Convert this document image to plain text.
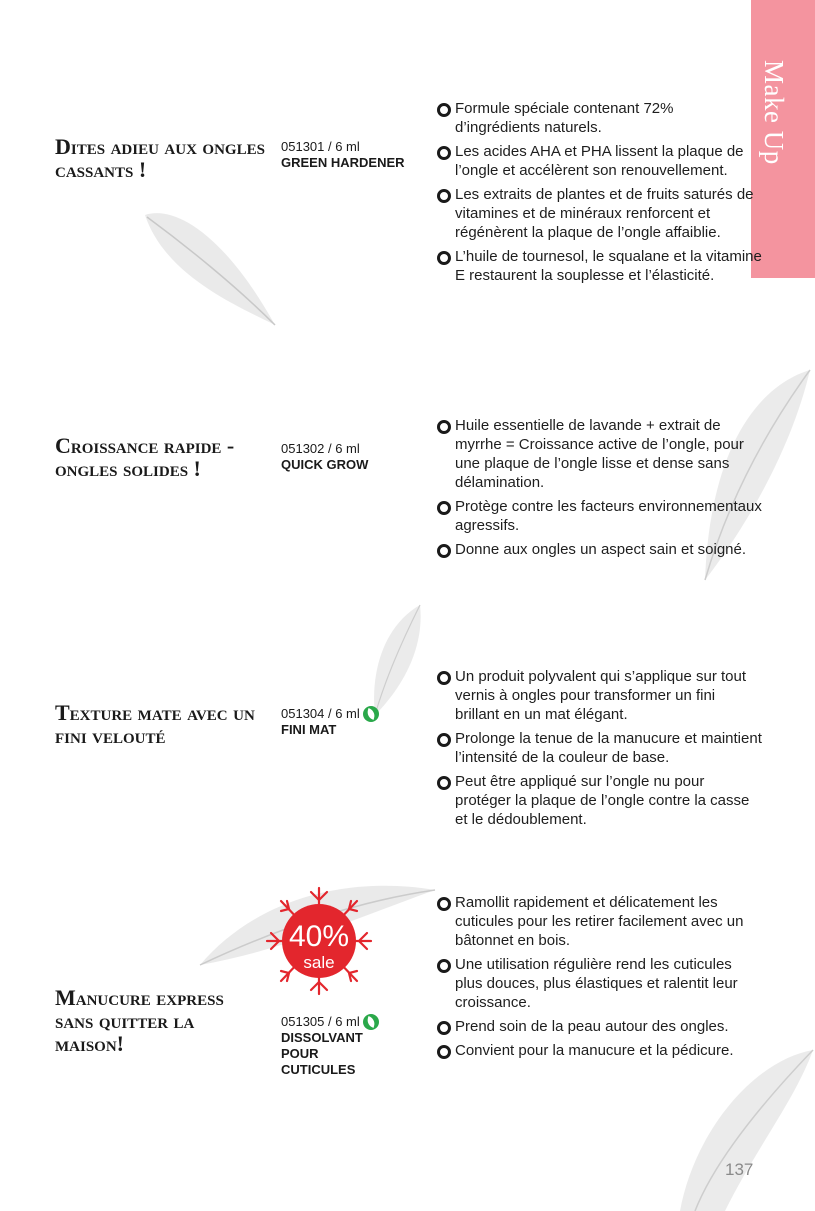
Make Up
Dites adieu aux ongles cassants !
051301 / 6 ml
GREEN HARDENER
Formule spéciale contenant 72% d’ingrédients naturels.
Les acides AHA et PHA lissent la plaque de l’ongle et accélèrent son renouvellement.
Les extraits de plantes et de fruits saturés de vitamines et de minéraux renforcent et régénèrent la plaque de l’ongle affaiblie.
L’huile de tournesol, le squalane et la vitamine E restaurent la souplesse et l’élasticité.
Croissance rapide - ongles solides !
051302 / 6 ml
QUICK GROW
Huile essentielle de lavande + extrait de myrrhe = Croissance active de l’ongle, pour une plaque de l’ongle lisse et dense sans délamination.
Protège contre les facteurs environnementaux agressifs.
Donne aux ongles un aspect sain et soigné.
Texture mate avec un fini velouté
051304 / 6 ml
FINI MAT
Un produit polyvalent qui s’applique sur tout vernis à ongles pour transformer un fini brillant en un mat élégant.
Prolonge la tenue de la manucure et maintient l’intensité de la couleur de base.
Peut être appliqué sur l’ongle nu pour protéger la plaque de l’ongle contre la casse et le dédoublement.
Manucure express sans quitter la maison!
40%
sale
051305 / 6 ml
DISSOLVANT POUR CUTICULES
Ramollit rapidement et délicatement les cuticules pour les retirer facilement avec un bâtonnet en bois.
Une utilisation régulière rend les cuticules plus douces, plus élastiques et ralentit leur croissance.
Prend soin de la peau autour des ongles.
Convient pour la manucure et la pédicure.
137
